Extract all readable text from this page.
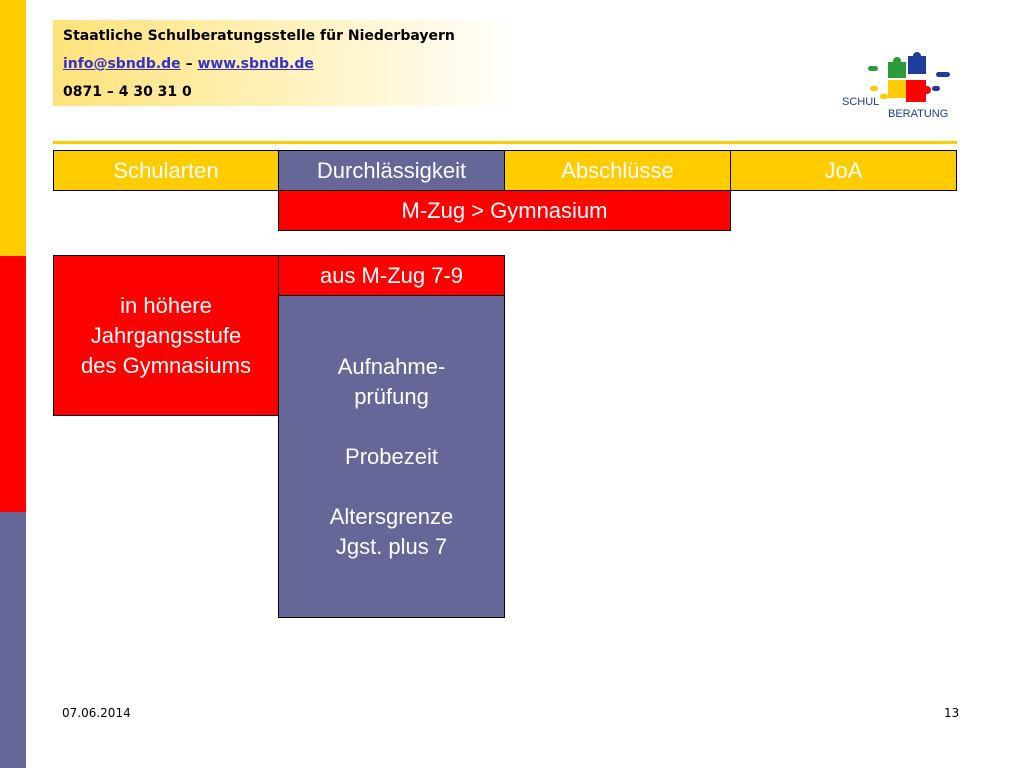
Staatliche Schulberatungsstelle für Niederbayern
info@sbndb.de – www.sbndb.de
0871 – 4 30 31 0
SCHUL
BERATUNG
Schularten	Durchlässigkeit	Abschlüsse	JoA
M-Zug > Gymnasium
in höhere
Jahrgangsstufe
des Gymnasiums
aus M-Zug 7-9
Aufnahme-
prüfung
Probezeit
Altersgrenze
Jgst. plus 7
07.06.2014	13
